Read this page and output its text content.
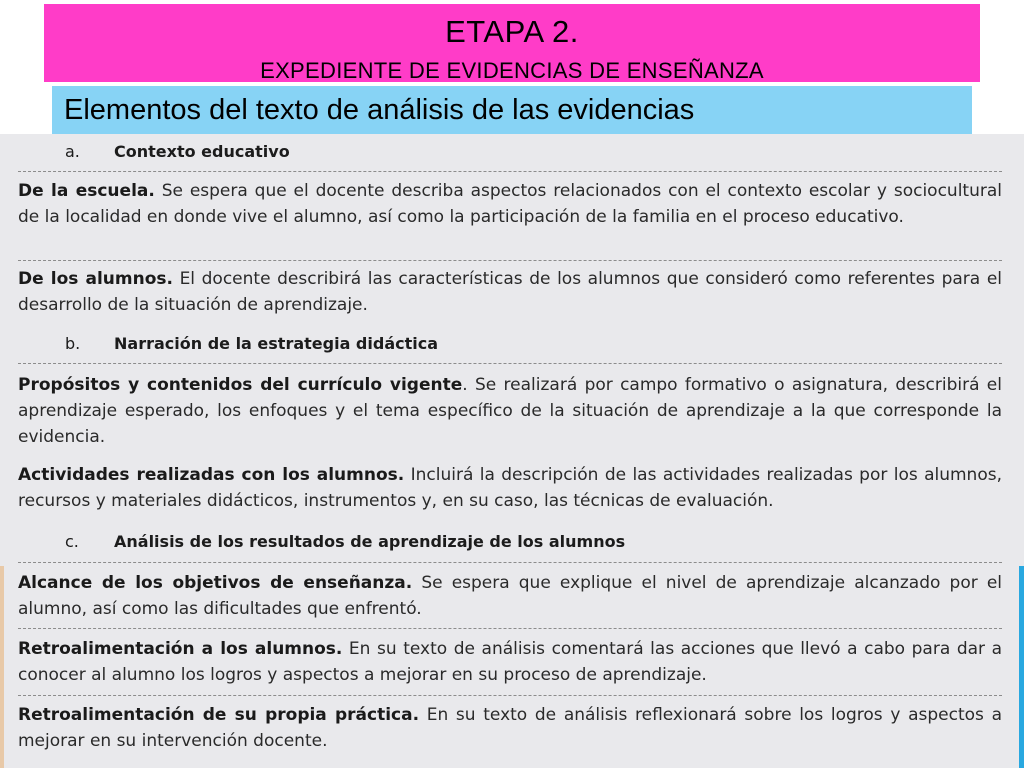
ETAPA 2.
EXPEDIENTE DE EVIDENCIAS DE ENSEÑANZA
Elementos del texto de análisis de las evidencias
a. Contexto educativo
De la escuela. Se espera que el docente describa aspectos relacionados con el contexto escolar y sociocultural de la localidad en donde vive el alumno, así como la participación de la familia en el proceso educativo.
De los alumnos. El docente describirá las características de los alumnos que consideró como referentes para el desarrollo de la situación de aprendizaje.
b. Narración de la estrategia didáctica
Propósitos y contenidos del currículo vigente. Se realizará por campo formativo o asignatura, describirá el aprendizaje esperado, los enfoques y el tema específico de la situación de aprendizaje a la que corresponde la evidencia.
Actividades realizadas con los alumnos. Incluirá la descripción de las actividades realizadas por los alumnos, recursos y materiales didácticos, instrumentos y, en su caso, las técnicas de evaluación.
c. Análisis de los resultados de aprendizaje de los alumnos
Alcance de los objetivos de enseñanza. Se espera que explique el nivel de aprendizaje alcanzado por el alumno, así como las dificultades que enfrentó.
Retroalimentación a los alumnos. En su texto de análisis comentará las acciones que llevó a cabo para dar a conocer al alumno los logros y aspectos a mejorar en su proceso de aprendizaje.
Retroalimentación de su propia práctica. En su texto de análisis reflexionará sobre los logros y aspectos a mejorar en su intervención docente.
